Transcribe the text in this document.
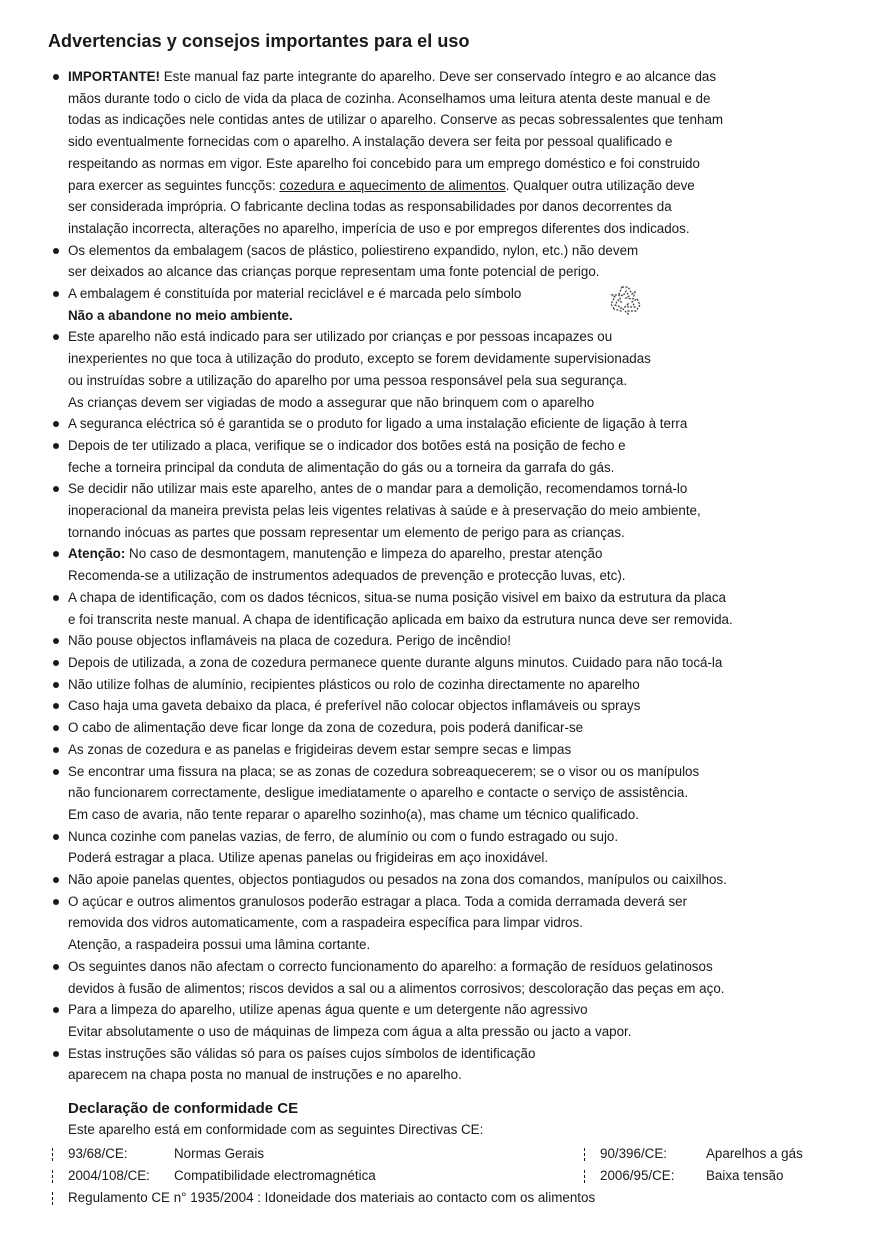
Advertencias y consejos importantes para el uso
IMPORTANTE! Este manual faz parte integrante do aparelho. Deve ser conservado íntegro e ao alcance das
mãos durante todo o ciclo de vida da placa de cozinha. Aconselhamos uma leitura atenta deste manual e de
todas as indicações nele contidas antes de utilizar o aparelho. Conserve as pecas sobressalentes que tenham
sido eventualmente fornecidas com o aparelho. A instalação devera ser feita por pessoal qualificado e
respeitando as normas em vigor. Este aparelho foi concebido para um emprego doméstico e foi construido
para exercer as seguintes funcçõs: cozedura e aquecimento de alimentos. Qualquer outra utilização deve
ser considerada imprópria. O fabricante declina todas as responsabilidades por danos decorrentes da
instalação incorrecta, alterações no aparelho, imperícia de uso e por empregos diferentes dos indicados.
Os elementos da embalagem (sacos de plástico, poliestireno expandido, nylon, etc.) não devem
ser deixados ao alcance das crianças porque representam uma fonte potencial de perigo.
A embalagem é constituída por material reciclável e é marcada pelo símbolo
Não a abandone no meio ambiente.
Este aparelho não está indicado para ser utilizado por crianças e por pessoas incapazes ou
inexperientes no que toca à utilização do produto, excepto se forem devidamente supervisionadas
ou instruídas sobre a utilização do aparelho por uma pessoa responsável pela sua segurança.
As crianças devem ser vigiadas de modo a assegurar que não brinquem com o aparelho
A seguranca eléctrica só é garantida se o produto for ligado a uma instalação eficiente de ligação à terra
Depois de ter utilizado a placa, verifique se o indicador dos botões está na posição de fecho e
feche a torneira principal da conduta de alimentação do gás ou a torneira da garrafa do gás.
Se decidir não utilizar mais este aparelho, antes de o mandar para a demolição, recomendamos torná-lo
inoperacional da maneira prevista pelas leis vigentes relativas à saúde e à preservação do meio ambiente,
tornando inócuas as partes que possam representar um elemento de perigo para as crianças.
Atenção: No caso de desmontagem, manutenção e limpeza do aparelho, prestar atenção
Recomenda-se a utilização de instrumentos adequados de prevenção e protecção luvas, etc).
A chapa de identificação, com os dados técnicos, situa-se numa posição visivel em baixo da estrutura da placa
e foi transcrita neste manual. A chapa de identificação aplicada em baixo da estrutura nunca deve ser removida.
Não pouse objectos inflamáveis na placa de cozedura. Perigo de incêndio!
Depois de utilizada, a zona de cozedura permanece quente durante alguns minutos. Cuidado para não tocá-la
Não utilize folhas de alumínio, recipientes plásticos ou rolo de cozinha directamente no aparelho
Caso haja uma gaveta debaixo da placa, é preferível não colocar objectos inflamáveis ou sprays
O cabo de alimentação deve ficar longe da zona de cozedura, pois poderá danificar-se
As zonas de cozedura e as panelas e frigideiras devem estar sempre secas e limpas
Se encontrar uma fissura na placa; se as zonas de cozedura sobreaquecerem; se o visor ou os manípulos
não funcionarem correctamente, desligue imediatamente o aparelho e contacte o serviço de assistência.
Em caso de avaria, não tente reparar o aparelho sozinho(a), mas chame um técnico qualificado.
Nunca cozinhe com panelas vazias, de ferro, de alumínio ou com o fundo estragado ou sujo.
Poderá estragar a placa. Utilize apenas panelas ou frigideiras em aço inoxidável.
Não apoie panelas quentes, objectos pontiagudos ou pesados na zona dos comandos, manípulos ou caixilhos.
O açúcar e outros alimentos granulosos poderão estragar a placa. Toda a comida derramada deverá ser
removida dos vidros automaticamente, com a raspadeira específica para limpar vidros.
Atenção, a raspadeira possui uma lâmina cortante.
Os seguintes danos não afectam o correcto funcionamento do aparelho: a formação de resíduos gelatinosos
devidos à fusão de alimentos; riscos devidos a sal ou a alimentos corrosivos; descoloração das peças em aço.
Para a limpeza do aparelho, utilize apenas água quente e um detergente não agressivo
Evitar absolutamente o uso de máquinas de limpeza com água a alta pressão ou jacto a vapor.
Estas instruções são válidas só para os países cujos símbolos de identificação
aparecem na chapa posta no manual de instruções e no aparelho.
Declaração de conformidade CE
Este aparelho está em conformidade com as seguintes Directivas CE:
93/68/CE:	Normas Gerais	90/396/CE:	Aparelhos a gás
2004/108/CE: Compatibilidade electromagnética	2006/95/CE: Baixa tensão
Regulamento CE n° 1935/2004 : Idoneidade dos materiais ao contacto com os alimentos
